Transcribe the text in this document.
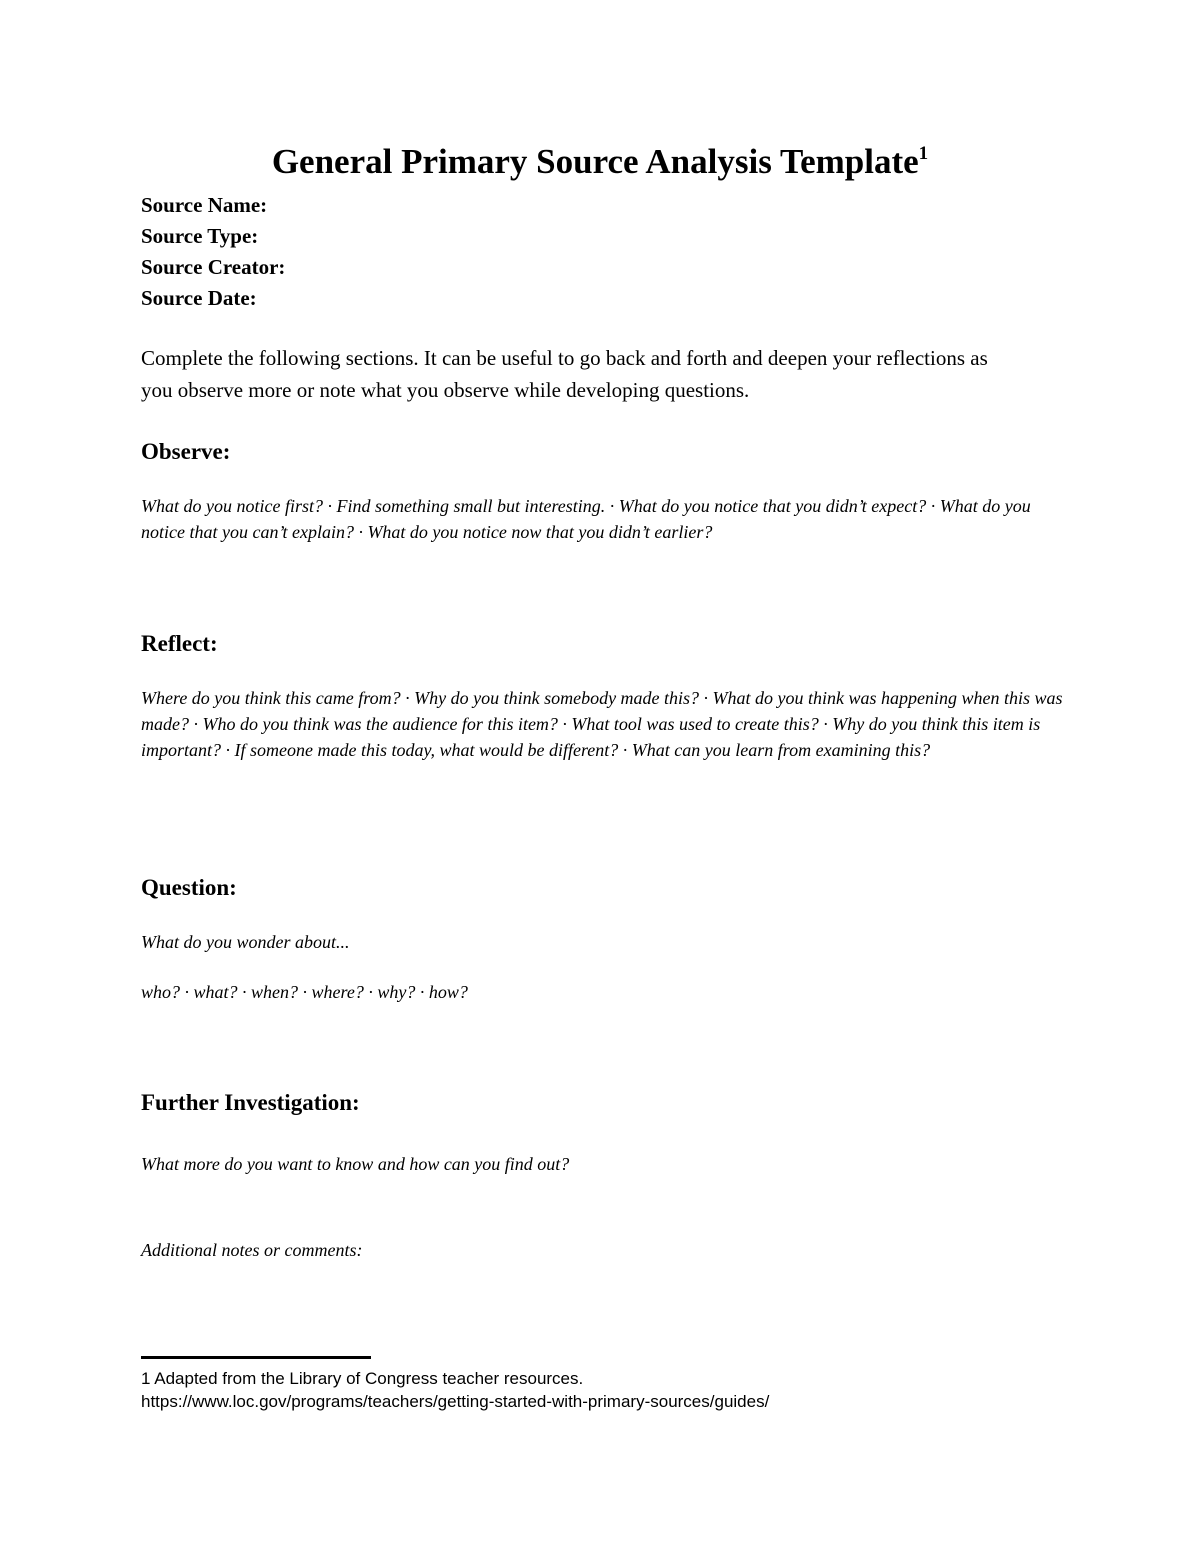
General Primary Source Analysis Template$^1$
Source Name:
Source Type:
Source Creator:
Source Date:
Complete the following sections. It can be useful to go back and forth and deepen your reflections as you observe more or note what you observe while developing questions.
Observe:
What do you notice first? · Find something small but interesting. · What do you notice that you didn’t expect? · What do you notice that you can’t explain? · What do you notice now that you didn’t earlier?
Reflect:
Where do you think this came from? · Why do you think somebody made this? · What do you think was happening when this was made? · Who do you think was the audience for this item? · What tool was used to create this? · Why do you think this item is important? · If someone made this today, what would be different? · What can you learn from examining this?
Question:
What do you wonder about...
who? · what? · when? · where? · why? · how?
Further Investigation:
What more do you want to know and how can you find out?
Additional notes or comments:
1 Adapted from the Library of Congress teacher resources.
https://www.loc.gov/programs/teachers/getting-started-with-primary-sources/guides/
